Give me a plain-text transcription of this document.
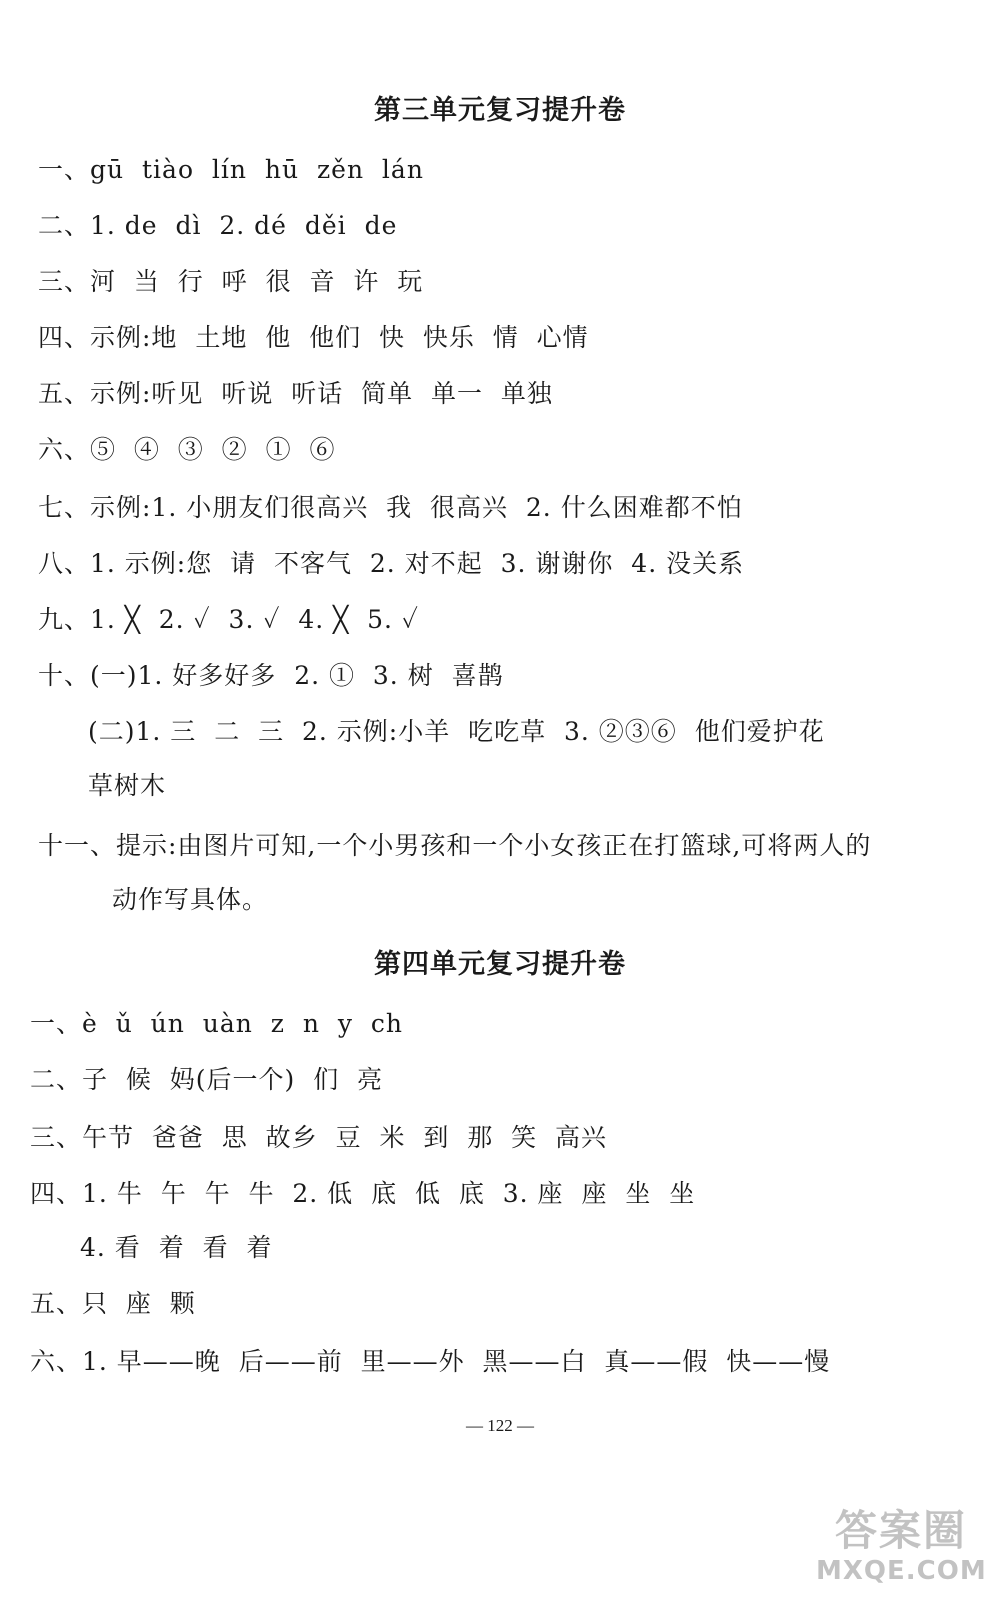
第三单元复习提升卷
一、gū  tiào  lín  hū  zěn  lán
二、1. de  dì  2. dé  děi  de
三、河  当  行  呼  很  音  许  玩
四、示例:地  土地  他  他们  快  快乐  情  心情
五、示例:听见  听说  听话  简单  单一  单独
六、⑤  ④  ③  ②  ①  ⑥
七、示例:1. 小朋友们很高兴  我  很高兴  2. 什么困难都不怕
八、1. 示例:您  请  不客气  2. 对不起  3. 谢谢你  4. 没关系
九、1. ╳  2. ✓  3. ✓  4. ╳  5. ✓
十、(一)1. 好多好多  2. ①  3. 树  喜鹊
(二)1. 三  二  三  2. 示例:小羊  吃吃草  3. ②③⑥  他们爱护花
草树木
十一、提示:由图片可知,一个小男孩和一个小女孩正在打篮球,可将两人的
动作写具体。
第四单元复习提升卷
一、è  ǔ  ún  uàn  z  n  y  ch
二、子  候  妈(后一个)  们  亮
三、午节  爸爸  思  故乡  豆  米  到  那  笑  高兴
四、1. 牛  午  午  牛  2. 低  底  低  底  3. 座  座  坐  坐
4. 看  着  看  着
五、只  座  颗
六、1. 早——晚  后——前  里——外  黑——白  真——假  快——慢
— 122 —
答案圈
MXQE.COM
